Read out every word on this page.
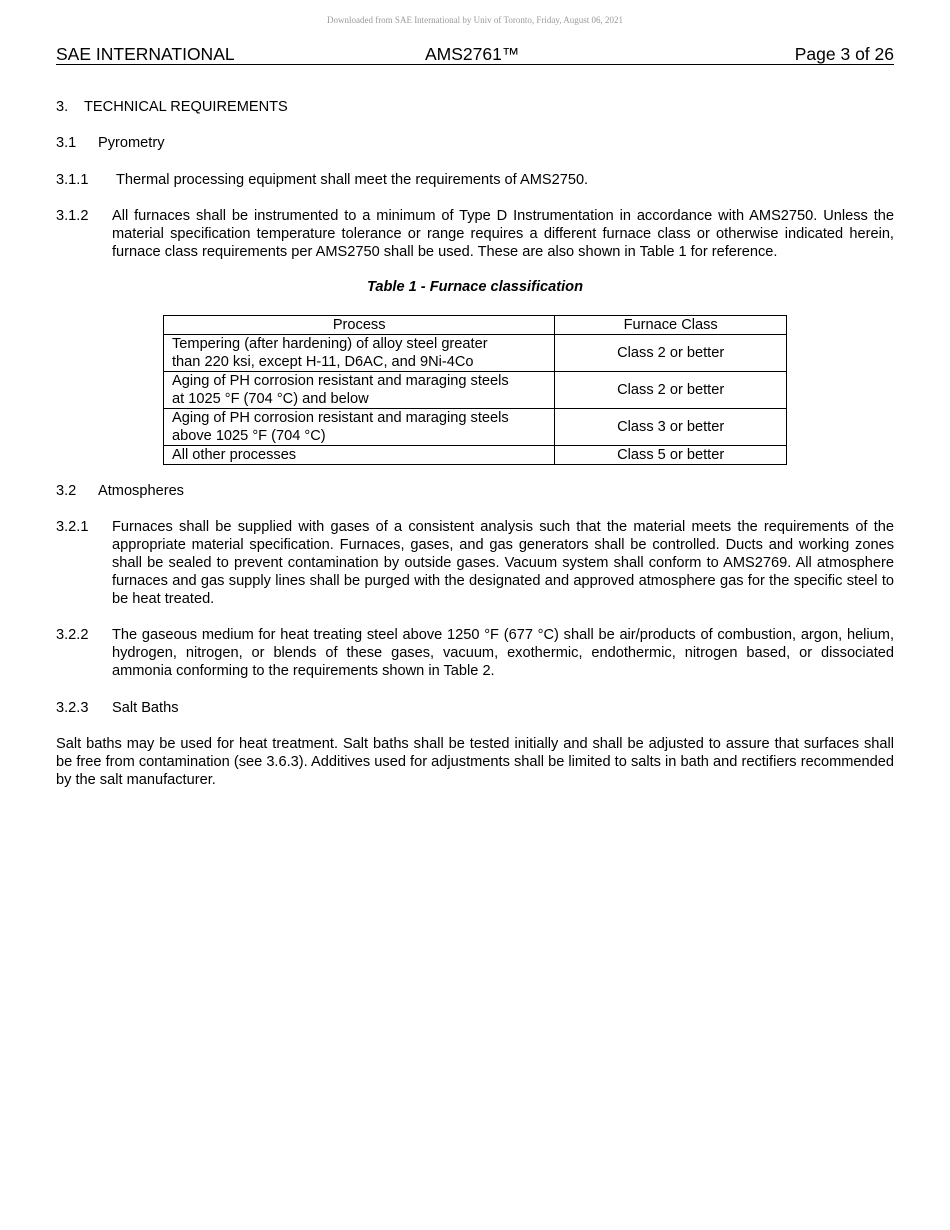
Downloaded from SAE International by Univ of Toronto, Friday, August 06, 2021
SAE INTERNATIONAL	AMS2761™	Page 3 of 26
3. TECHNICAL REQUIREMENTS
3.1 Pyrometry
3.1.1 Thermal processing equipment shall meet the requirements of AMS2750.
3.1.2 All furnaces shall be instrumented to a minimum of Type D Instrumentation in accordance with AMS2750. Unless the material specification temperature tolerance or range requires a different furnace class or otherwise indicated herein, furnace class requirements per AMS2750 shall be used. These are also shown in Table 1 for reference.
Table 1 - Furnace classification
Process	Furnace Class
Tempering (after hardening) of alloy steel greater
than 220 ksi, except H-11, D6AC, and 9Ni-4Co	Class 2 or better
Aging of PH corrosion resistant and maraging steels
at 1025 °F (704 °C) and below	Class 2 or better
Aging of PH corrosion resistant and maraging steels
above 1025 °F (704 °C)	Class 3 or better
All other processes	Class 5 or better
3.2 Atmospheres
3.2.1 Furnaces shall be supplied with gases of a consistent analysis such that the material meets the requirements of the appropriate material specification. Furnaces, gases, and gas generators shall be controlled. Ducts and working zones shall be sealed to prevent contamination by outside gases. Vacuum system shall conform to AMS2769. All atmosphere furnaces and gas supply lines shall be purged with the designated and approved atmosphere gas for the specific steel to be heat treated.
3.2.2 The gaseous medium for heat treating steel above 1250 °F (677 °C) shall be air/products of combustion, argon, helium, hydrogen, nitrogen, or blends of these gases, vacuum, exothermic, endothermic, nitrogen based, or dissociated ammonia conforming to the requirements shown in Table 2.
3.2.3 Salt Baths
Salt baths may be used for heat treatment. Salt baths shall be tested initially and shall be adjusted to assure that surfaces shall be free from contamination (see 3.6.3). Additives used for adjustments shall be limited to salts in bath and rectifiers recommended by the salt manufacturer.
